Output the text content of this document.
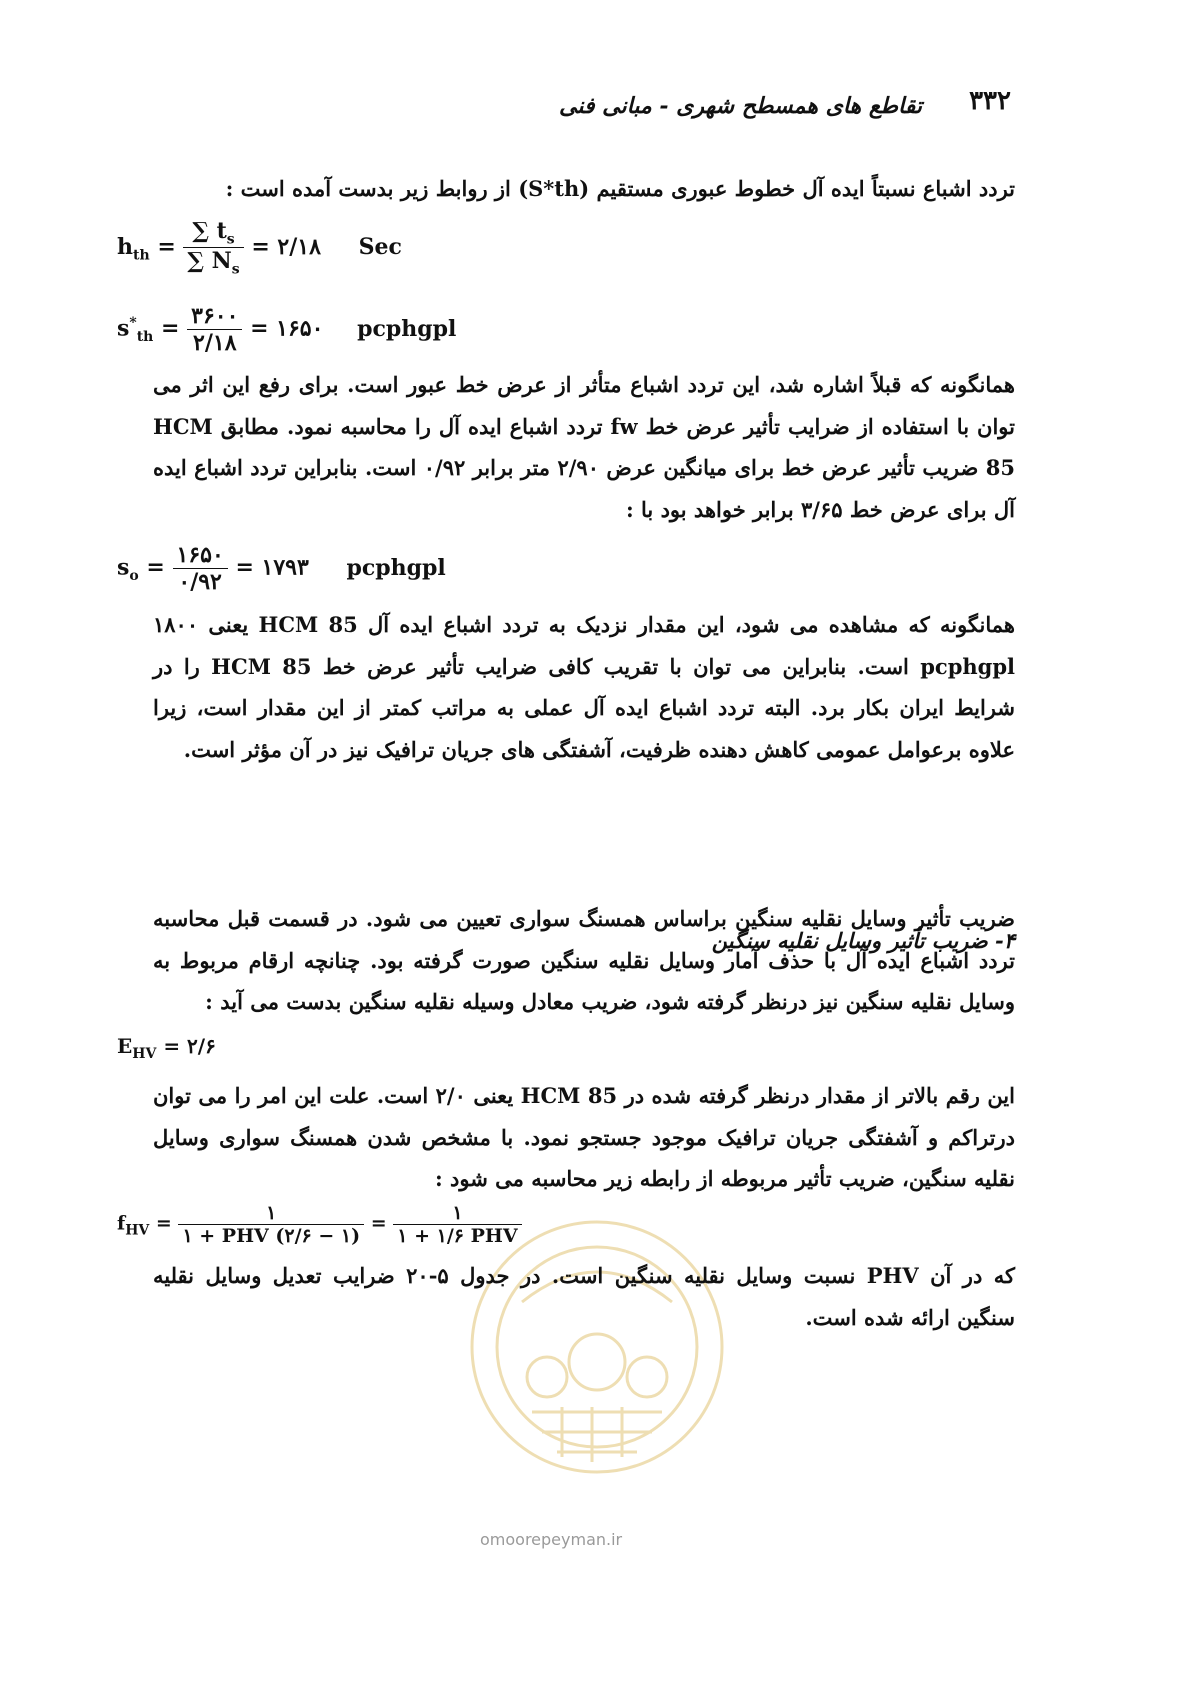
۳۳۲
تقاطع های همسطح شهری - مبانی فنی
تردد اشباع نسبتاً ایده آل خطوط عبوری مستقیم (S*th) از روابط زیر بدست آمده است :
$h_{th} = \frac{\sum t_s}{\sum N_s}$ = ۲/۱۸ Sec
$s^*_{th} = \frac{۳۶۰۰}{۲/۱۸}$ = ۱۶۵۰ pcphgpl
همانگونه که قبلاً اشاره شد، این تردد اشباع متأثر از عرض خط عبور است. برای رفع این اثر می توان با استفاده از ضرایب تأثیر عرض خط fw تردد اشباع ایده آل را محاسبه نمود. مطابق HCM 85 ضریب تأثیر عرض خط برای میانگین عرض ۲/۹۰ متر برابر ۰/۹۲ است. بنابراین تردد اشباع ایده آل برای عرض خط ۳/۶۵ برابر خواهد بود با :
$s_o = \frac{۱۶۵۰}{۰/۹۲}$ = ۱۷۹۳ pcphgpl
همانگونه که مشاهده می شود، این مقدار نزدیک به تردد اشباع ایده آل HCM 85 یعنی ۱۸۰۰ pcphgpl است. بنابراین می توان با تقریب کافی ضرایب تأثیر عرض خط HCM 85 را در شرایط ایران بکار برد. البته تردد اشباع ایده آل عملی به مراتب کمتر از این مقدار است، زیرا علاوه برعوامل عمومی کاهش دهنده ظرفیت، آشفتگی های جریان ترافیک نیز در آن مؤثر است.
۴- ضریب تأثیر وسایل نقلیه سنگین
ضریب تأثیر وسایل نقلیه سنگین براساس همسنگ سواری تعیین می شود. در قسمت قبل محاسبه تردد اشباع ایده آل با حذف آمار وسایل نقلیه سنگین صورت گرفته بود. چنانچه ارقام مربوط به وسایل نقلیه سنگین نیز درنظر گرفته شود، ضریب معادل وسیله نقلیه سنگین بدست می آید :
$E_{HV}$ = ۲/۶
این رقم بالاتر از مقدار درنظر گرفته شده در HCM 85 یعنی ۲/۰ است. علت این امر را می توان درتراکم و آشفتگی جریان ترافیک موجود جستجو نمود. با مشخص شدن همسنگ سواری وسایل نقلیه سنگین، ضریب تأثیر مربوطه از رابطه زیر محاسبه می شود :
$f_{HV} = \frac{۱}{\text{۱ + PHV (۲/۶ − ۱)}} = \frac{۱}{\text{۱ + ۱/۶ PHV}}$
omoorepeyman.ir
که در آن PHV نسبت وسایل نقلیه سنگین است. در جدول ۵-۲۰ ضرایب تعدیل وسایل نقلیه سنگین ارائه شده است.
